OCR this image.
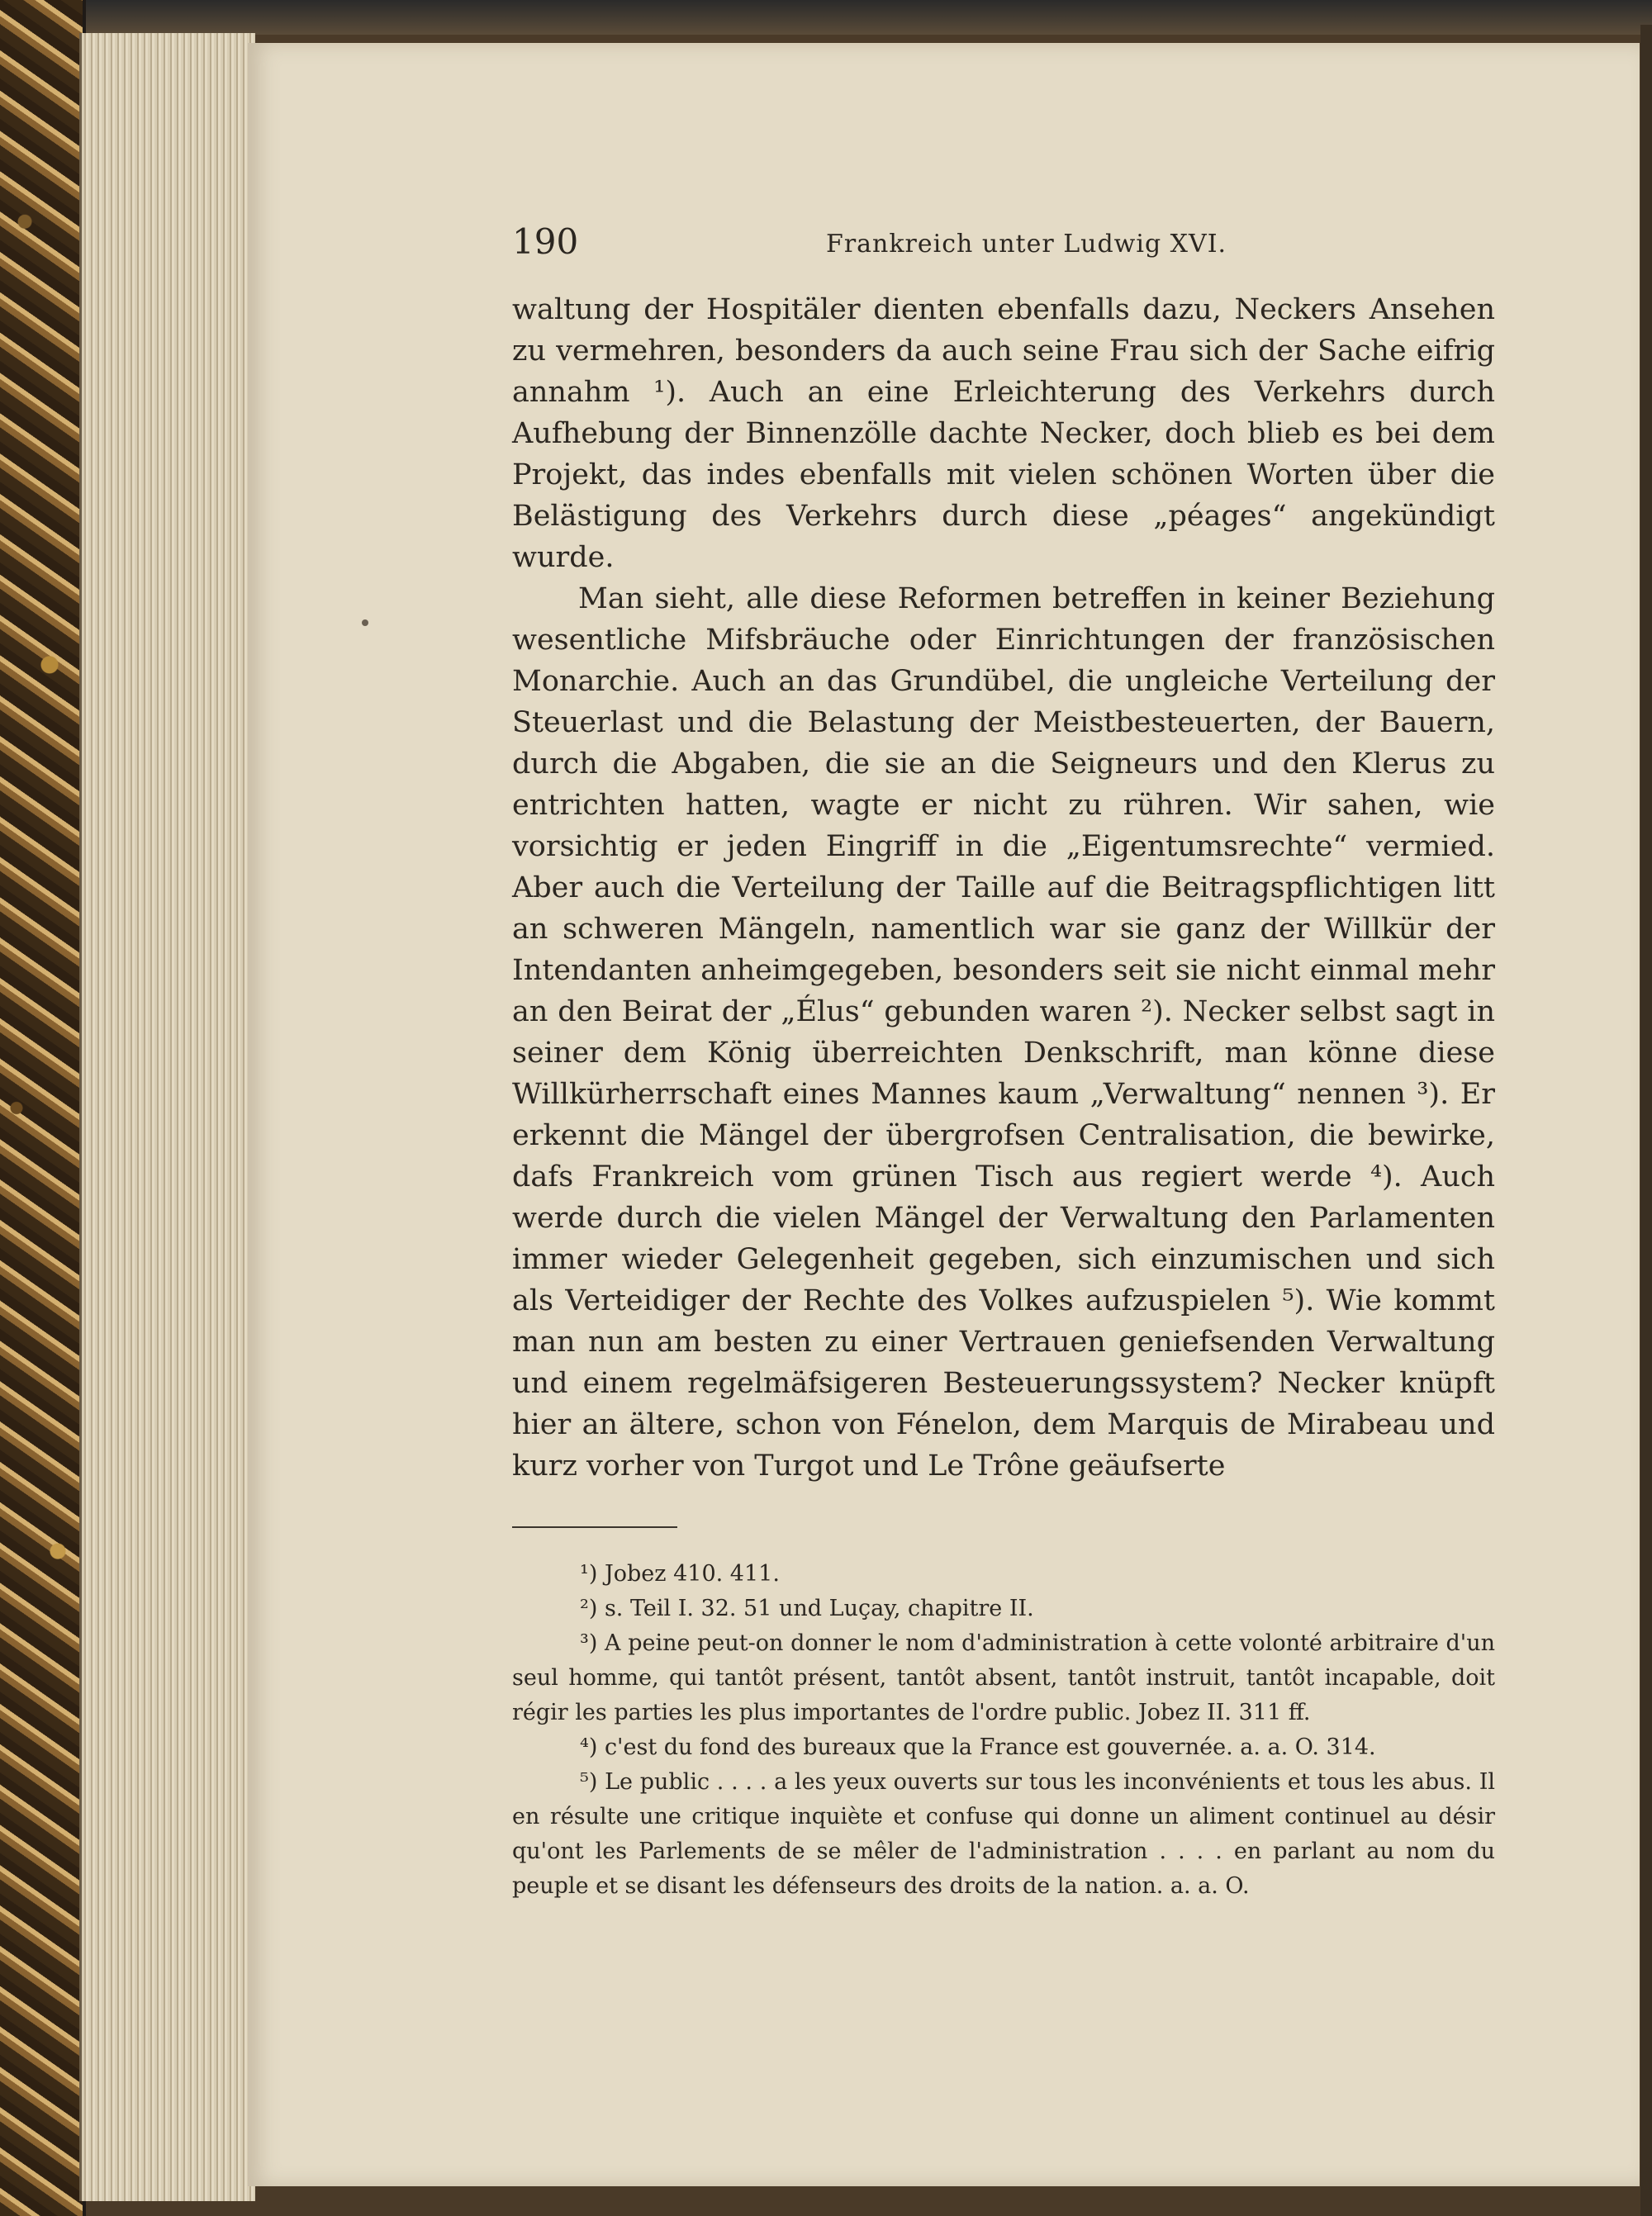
190	Frankreich unter Ludwig XVI.

waltung der Hospitäler dienten ebenfalls dazu, Neckers Ansehen zu vermehren, besonders da auch seine Frau sich der Sache eifrig annahm ¹). Auch an eine Erleichterung des Verkehrs durch Aufhebung der Binnenzölle dachte Necker, doch blieb es bei dem Projekt, das indes ebenfalls mit vielen schönen Worten über die Belästigung des Verkehrs durch diese „péages“ angekündigt wurde.

Man sieht, alle diese Reformen betreffen in keiner Beziehung wesentliche Mifsbräuche oder Einrichtungen der französischen Monarchie. Auch an das Grundübel, die ungleiche Verteilung der Steuerlast und die Belastung der Meistbesteuerten, der Bauern, durch die Abgaben, die sie an die Seigneurs und den Klerus zu entrichten hatten, wagte er nicht zu rühren. Wir sahen, wie vorsichtig er jeden Eingriff in die „Eigentumsrechte“ vermied. Aber auch die Verteilung der Taille auf die Beitragspflichtigen litt an schweren Mängeln, namentlich war sie ganz der Willkür der Intendanten anheimgegeben, besonders seit sie nicht einmal mehr an den Beirat der „Élus“ gebunden waren ²). Necker selbst sagt in seiner dem König überreichten Denkschrift, man könne diese Willkürherrschaft eines Mannes kaum „Verwaltung“ nennen ³). Er erkennt die Mängel der übergrofsen Centralisation, die bewirke, dafs Frankreich vom grünen Tisch aus regiert werde ⁴). Auch werde durch die vielen Mängel der Verwaltung den Parlamenten immer wieder Gelegenheit gegeben, sich einzumischen und sich als Verteidiger der Rechte des Volkes aufzuspielen ⁵). Wie kommt man nun am besten zu einer Vertrauen geniefsenden Verwaltung und einem regelmäfsigeren Besteuerungssystem? Necker knüpft hier an ältere, schon von Fénelon, dem Marquis de Mirabeau und kurz vorher von Turgot und Le Trône geäufserte

¹) Jobez 410. 411.

²) s. Teil I. 32. 51 und Luçay, chapitre II.

³) A peine peut-on donner le nom d'administration à cette volonté arbitraire d'un seul homme, qui tantôt présent, tantôt absent, tantôt instruit, tantôt incapable, doit régir les parties les plus importantes de l'ordre public. Jobez II. 311 ff.

⁴) c'est du fond des bureaux que la France est gouvernée. a. a. O. 314.

⁵) Le public . . . . a les yeux ouverts sur tous les inconvénients et tous les abus. Il en résulte une critique inquiète et confuse qui donne un aliment continuel au désir qu'ont les Parlements de se mêler de l'administration . . . . en parlant au nom du peuple et se disant les défenseurs des droits de la nation. a. a. O.
